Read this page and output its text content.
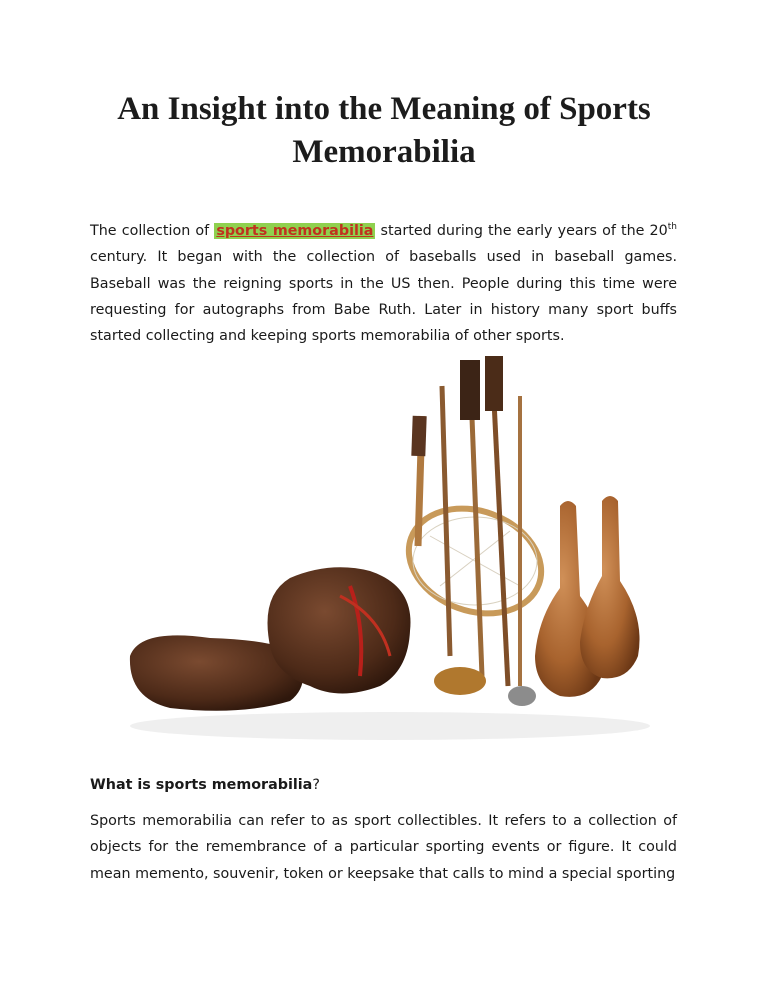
An Insight into the Meaning of Sports
Memorabilia

The collection of sports memorabilia started during the early years of the 20th century. It began with the collection of baseballs used in baseball games. Baseball was the reigning sports in the US then. People during this time were requesting for autographs from Babe Ruth. Later in history many sport buffs started collecting and keeping sports memorabilia of other sports.

What is sports memorabilia?

Sports memorabilia can refer to as sport collectibles. It refers to a collection of objects for the remembrance of a particular sporting events or figure. It could mean memento, souvenir, token or keepsake that calls to mind a special sporting
